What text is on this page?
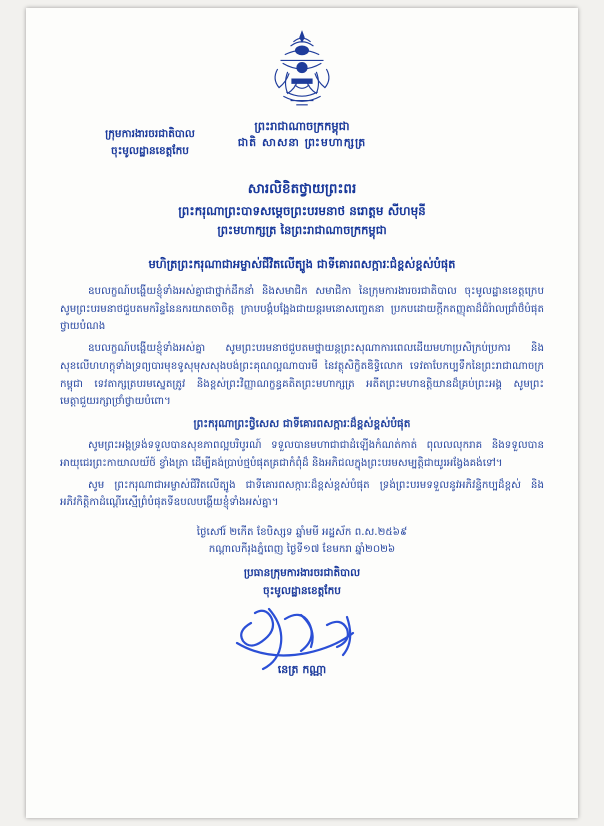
ព្រះរាជាណាចក្រកម្ពុជា
ជាតិ សាសនា ព្រះមហាក្សត្រ
ក្រុមការងារចរជាតិបាល
ចុះមូលដ្ឋានខេត្តកែប
សារលិខិតថ្វាយព្រះពរ
ព្រះករុណាព្រះបាទសម្តេចព្រះបរមនាថ នរោត្តម សីហមុនី
ព្រះមហាក្សត្រ នៃព្រះរាជាណាចក្រកម្ពុជា
មហិត្រព្រះករុណាជាអម្ចាស់ជីវិតលើត្បូង ជាទីគោរពសក្ការៈជំខ្ពស់ខ្ពស់បំផុត

ឧបលក្ខណ៍បង្ហើយខ្ញុំទាំងអស់គ្នាជាថ្នាក់ដឹកនាំ និងសមាជិក សមាជិកា នៃក្រុមការងារចរជាតិបាល ចុះមូលដ្ឋានខេត្តក្រេប សូមព្រះបរមនាថជួបតមករិន្ទនៃនករយាតចាចិត្ត ក្រាបបង្គំបង្អែងជាយន្តរមនោសញ្ចេតនា ប្រកបដោយក្តីកតញ្ញុតាដ៏ជំរ៉ាលជ្រាំថ៏បំផុតថ្វាយបំណង

ឧបលក្ខណ៍បង្ហើយខ្ញុំទាំងអស់គ្នា សូមព្រះបរមនាថជួបតមថ្នាយន្តព្រះសុណាការពេលដើយមហាប្រសិក្រប់ប្រការ និងសុខលើហហក្តុទាំងទ្រព្យបារមុខទូសុមុសសុងបង់ព្រះគុណល្អណាបារមី នៃវត្ថុសិក្ខិតឌិទ្ធិលោក ទេវតាបែកប្បទឹកនៃព្រះរាជាណាចក្រកម្ពុជា ទេវតាក្សត្របរមស្នេតត្រូវ និងខ្ពស់ព្រះវិញ្ញាណក្ខន្ធគតិតព្រះមហាក្សត្រ អតីតព្រះមហាឧត្តិយានដ៏គ្រប់ព្រះអង្គ សូមព្រះមេត្តាជួយរក្សាថ្រាំថ្វាយបំពោ។

ព្រះករុណាព្រះថ្វិសេស ជាទីគោរពសក្ការៈដ៏ខ្ពស់ខ្ពស់បំផុត

សូមព្រះអង្គទ្រង់ទទួលបានសុខភាពល្អបរិបូរណ៍ ទទួលបានមហាជាជាដំឡើងកំណត់កាត់ ពុលលលុករាគ និងទទួលបានអាយុជេរព្រះកាយាលយ័ថ៍ ខ្វាំងត្រា ដើម្បីគង់ប្រាប់ថ្មបំផុតគ្រជាកំពុំដ៏ និងអភិជលក្នុងព្រះបរមសម្បត្តិជាយូរអង្វែងគង់ទៅ។

សូម ព្រះករុណាជាអម្ចាស់ជីវិតលើត្បូង ជាទីគោរពសក្ការៈដ៏ខ្ពស់ខ្ពស់បំផុត ទ្រង់ព្រះបរមទទួលនូវអភិវន្ទិកប្បដ៏ខ្ពស់ និងអភិវកិត្តិកាដំណ្ដើរស្មើព្រំបំផុតទីឧបលបង្ហើយខ្ញុំទាំងអស់គ្នា។

ថ្ងៃសៅរ៍ ២កើត ខែបិស្សទ ឆ្នាំមមី អដ្ឋស័ក ព.ស.២៥៦៩
កណ្តាលកីរុងភ្នំពេញ ថ្ងៃទី១៧ ខែមករា ឆ្នាំ២០២៦
ប្រធានក្រុមការងារចរជាតិបាល
ចុះមូលដ្ឋានខេត្តកែប
នេត្រ កណ្ណា
